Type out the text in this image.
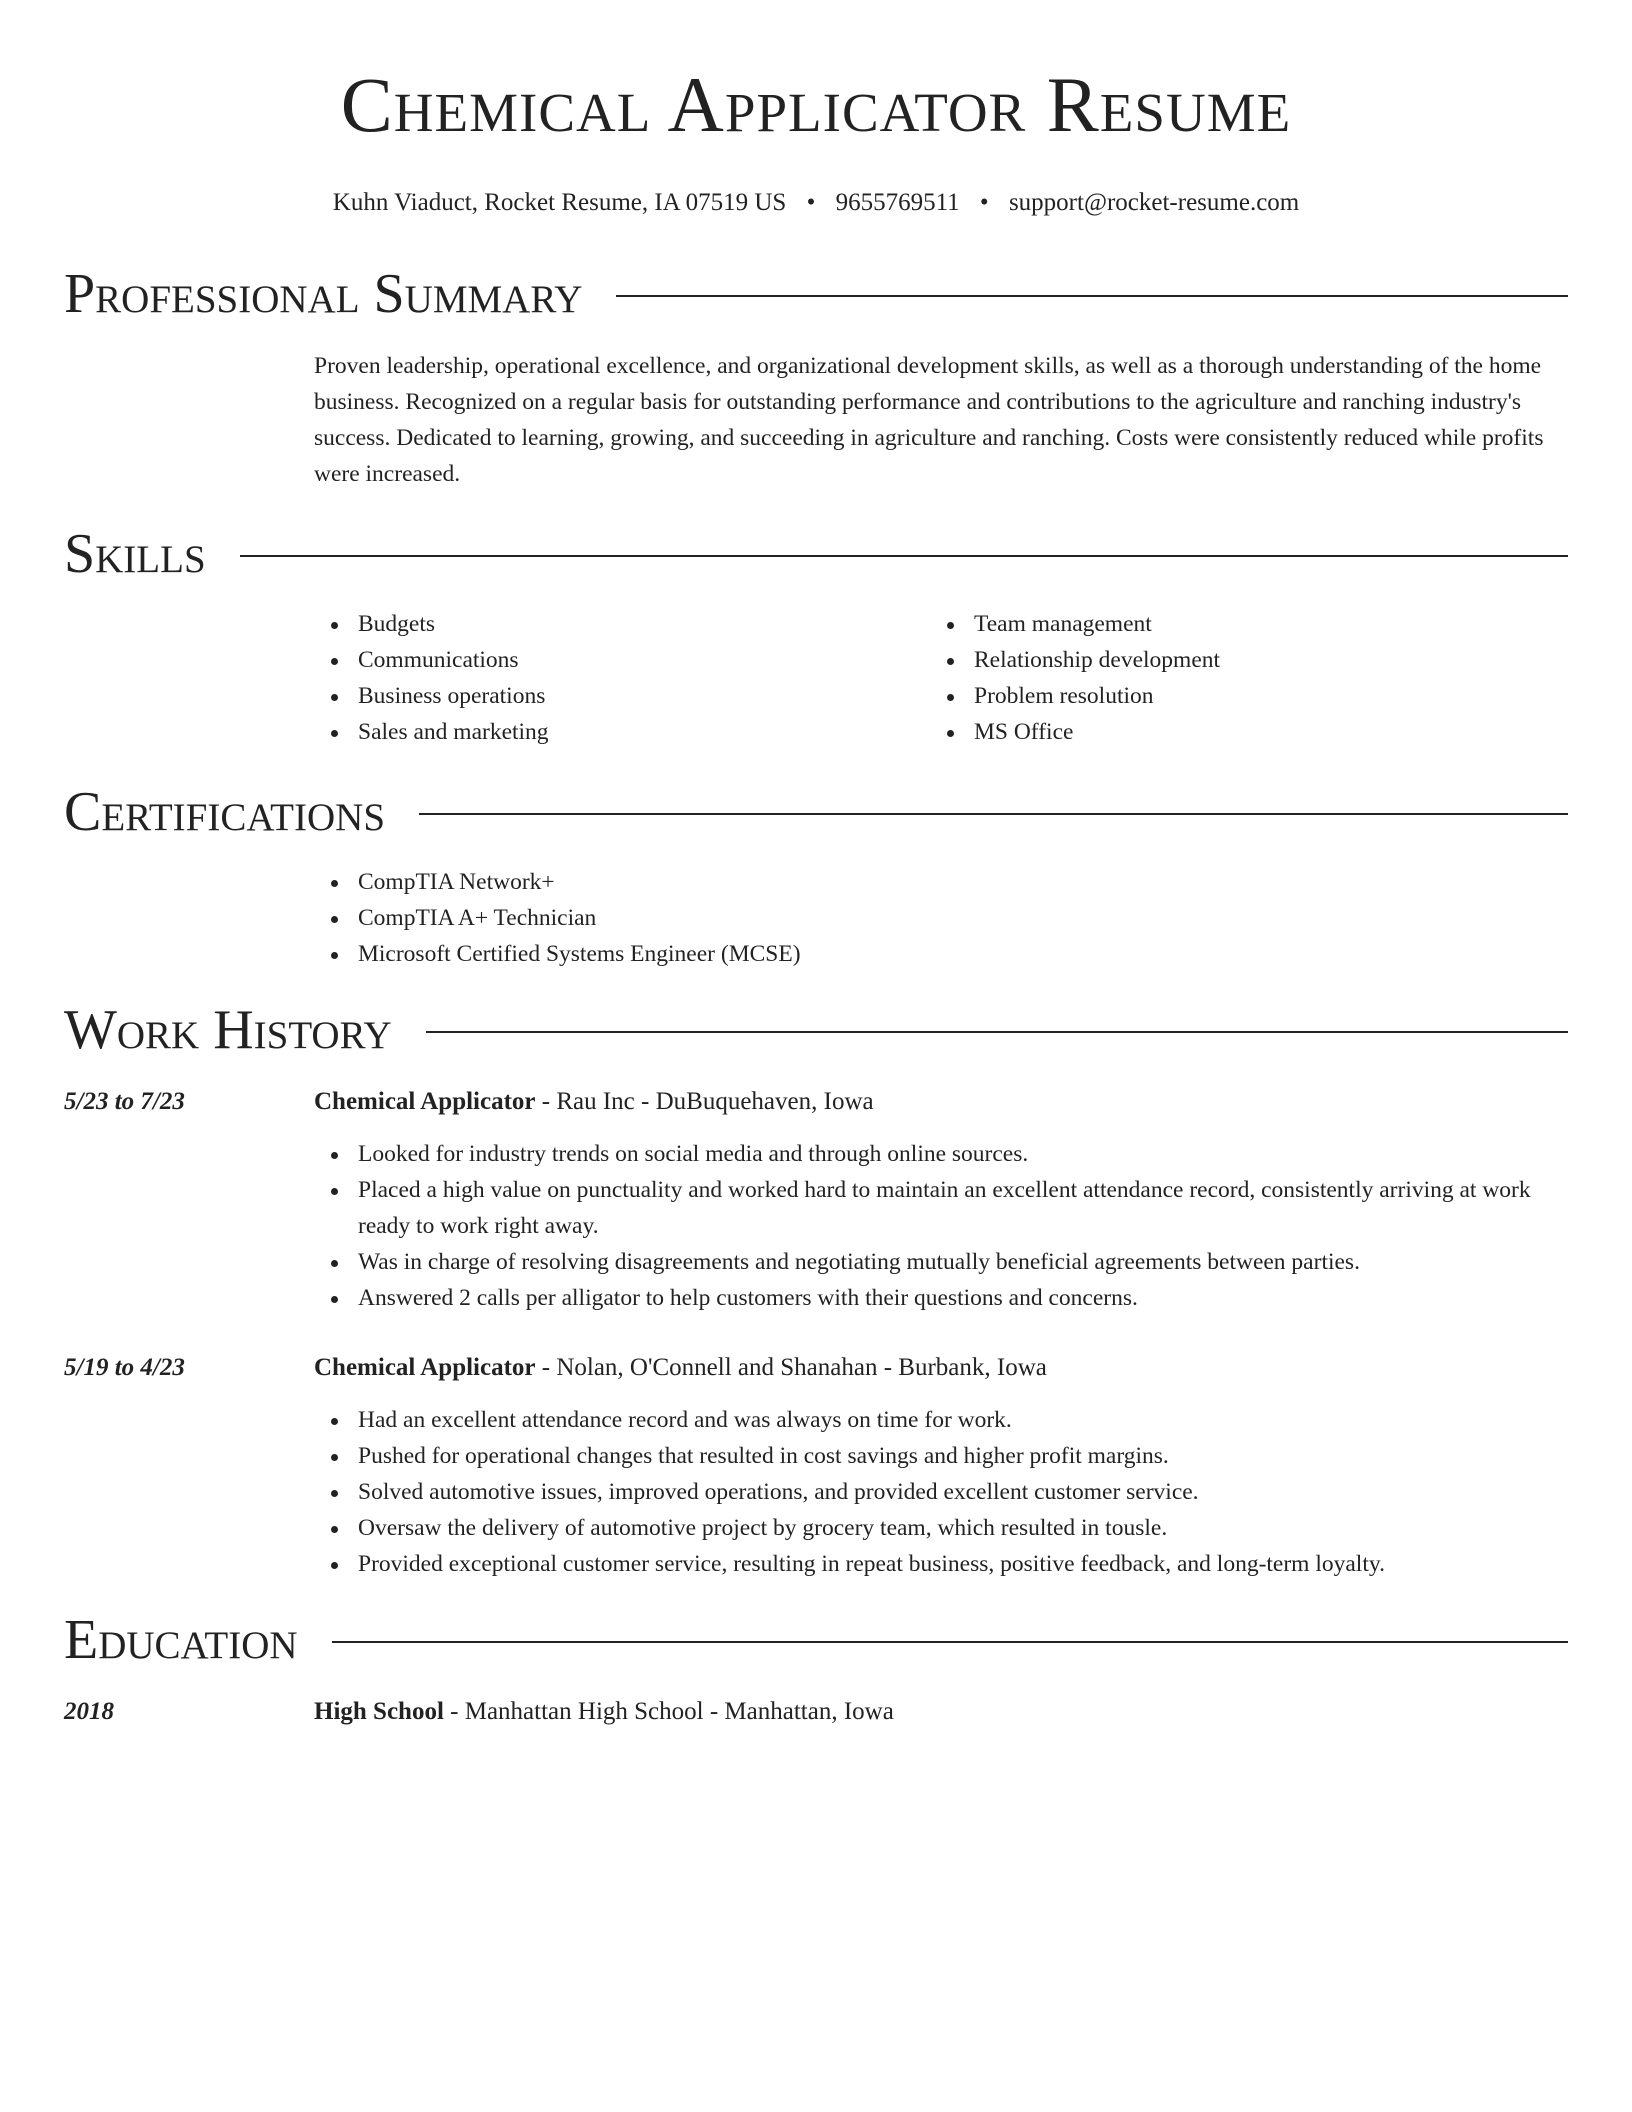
Chemical Applicator Resume
Kuhn Viaduct, Rocket Resume, IA 07519 US • 9655769511 • support@rocket-resume.com
Professional Summary
Proven leadership, operational excellence, and organizational development skills, as well as a thorough understanding of the home business. Recognized on a regular basis for outstanding performance and contributions to the agriculture and ranching industry's success. Dedicated to learning, growing, and succeeding in agriculture and ranching. Costs were consistently reduced while profits were increased.
Skills
Budgets
Communications
Business operations
Sales and marketing
Team management
Relationship development
Problem resolution
MS Office
Certifications
CompTIA Network+
CompTIA A+ Technician
Microsoft Certified Systems Engineer (MCSE)
Work History
5/23 to 7/23	Chemical Applicator - Rau Inc - DuBuquehaven, Iowa
Looked for industry trends on social media and through online sources.
Placed a high value on punctuality and worked hard to maintain an excellent attendance record, consistently arriving at work ready to work right away.
Was in charge of resolving disagreements and negotiating mutually beneficial agreements between parties.
Answered 2 calls per alligator to help customers with their questions and concerns.
5/19 to 4/23	Chemical Applicator - Nolan, O'Connell and Shanahan - Burbank, Iowa
Had an excellent attendance record and was always on time for work.
Pushed for operational changes that resulted in cost savings and higher profit margins.
Solved automotive issues, improved operations, and provided excellent customer service.
Oversaw the delivery of automotive project by grocery team, which resulted in tousle.
Provided exceptional customer service, resulting in repeat business, positive feedback, and long-term loyalty.
Education
2018	High School - Manhattan High School - Manhattan, Iowa
